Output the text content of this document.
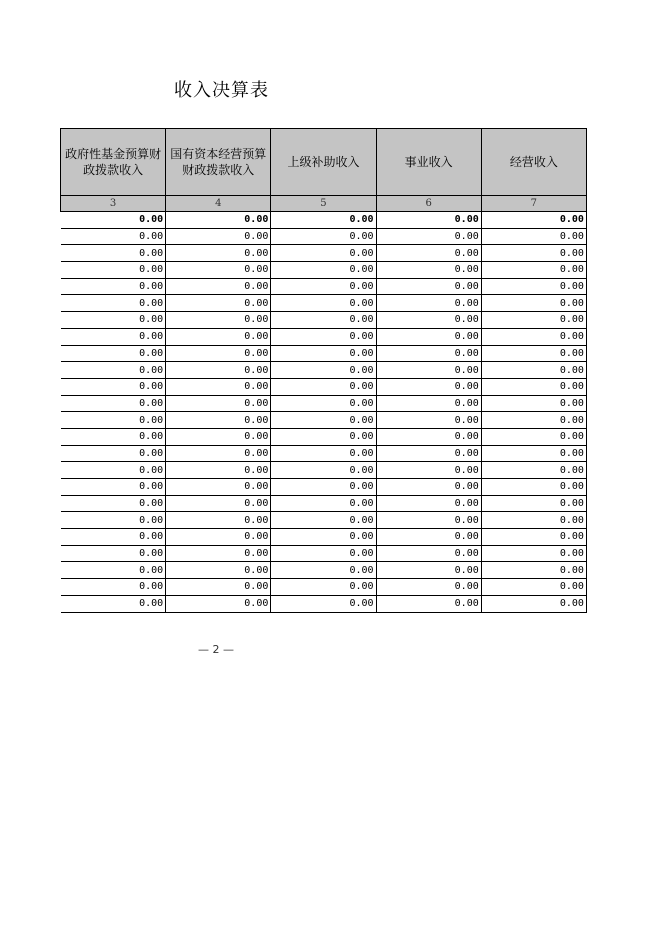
收入决算表
政府性基金预算财政拨款收入	国有资本经营预算财政拨款收入	上级补助收入	事业收入	经营收入
3	4	5	6	7
0.00	0.00	0.00	0.00	0.00
0.00	0.00	0.00	0.00	0.00
0.00	0.00	0.00	0.00	0.00
0.00	0.00	0.00	0.00	0.00
0.00	0.00	0.00	0.00	0.00
0.00	0.00	0.00	0.00	0.00
0.00	0.00	0.00	0.00	0.00
0.00	0.00	0.00	0.00	0.00
0.00	0.00	0.00	0.00	0.00
0.00	0.00	0.00	0.00	0.00
0.00	0.00	0.00	0.00	0.00
0.00	0.00	0.00	0.00	0.00
0.00	0.00	0.00	0.00	0.00
0.00	0.00	0.00	0.00	0.00
0.00	0.00	0.00	0.00	0.00
0.00	0.00	0.00	0.00	0.00
0.00	0.00	0.00	0.00	0.00
0.00	0.00	0.00	0.00	0.00
0.00	0.00	0.00	0.00	0.00
0.00	0.00	0.00	0.00	0.00
0.00	0.00	0.00	0.00	0.00
0.00	0.00	0.00	0.00	0.00
0.00	0.00	0.00	0.00	0.00
0.00	0.00	0.00	0.00	0.00
— 2 —
